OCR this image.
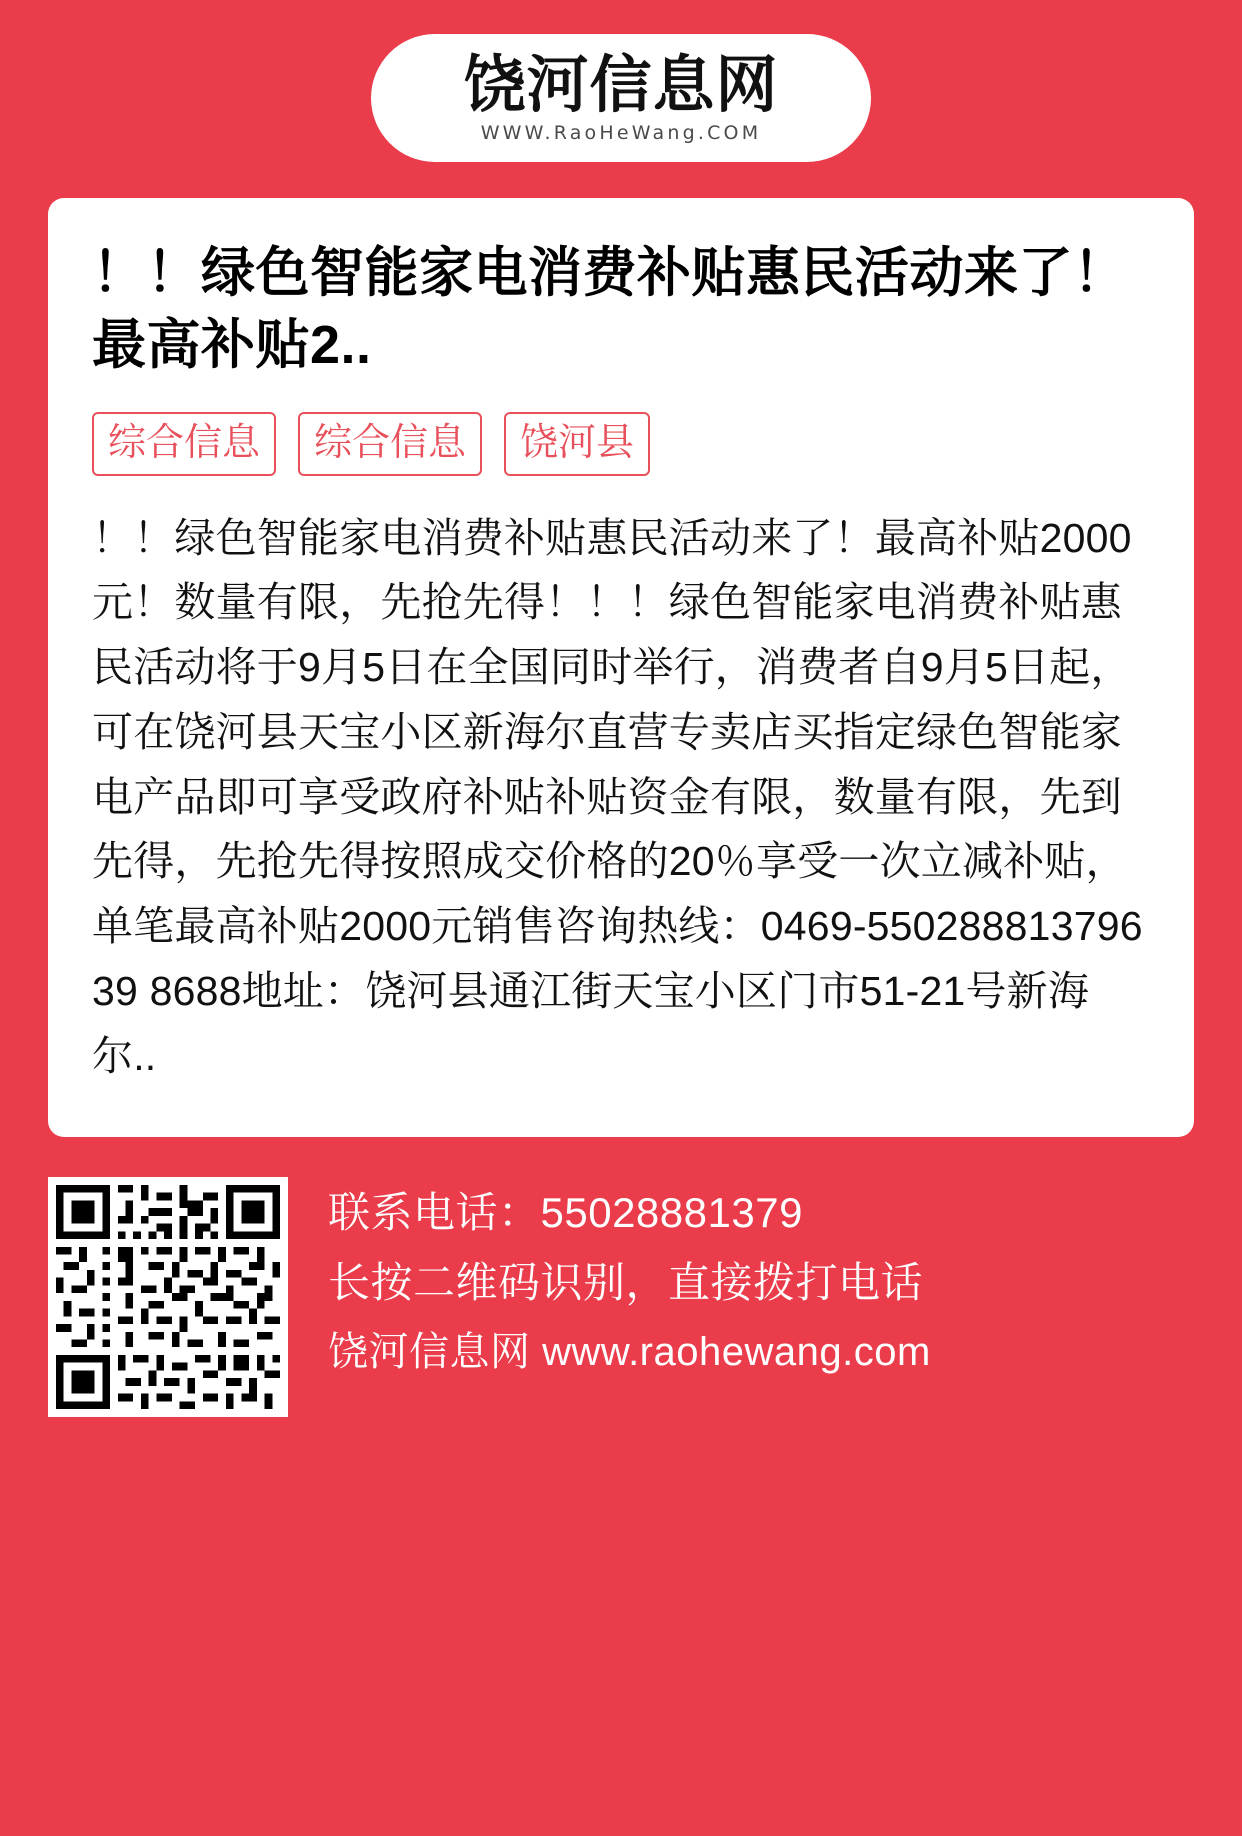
饶河信息网
WWW.RaoHeWang.COM
！！绿色智能家电消费补贴惠民活动来了！最高补贴2..
综合信息	综合信息	饶河县
！！绿色智能家电消费补贴惠民活动来了！最高补贴2000元！数量有限，先抢先得！！！绿色智能家电消费补贴惠民活动将于9月5日在全国同时举行，消费者自9月5日起，可在饶河县天宝小区新海尔直营专卖店买指定绿色智能家电产品即可享受政府补贴补贴资金有限，数量有限，先到先得，先抢先得按照成交价格的20％享受一次立减补贴，单笔最高补贴2000元销售咨询热线：0469-55028881379639 8688地址：饶河县通江街天宝小区门市51-21号新海尔..
联系电话：55028881379
长按二维码识别，直接拨打电话
饶河信息网 www.raohewang.com
